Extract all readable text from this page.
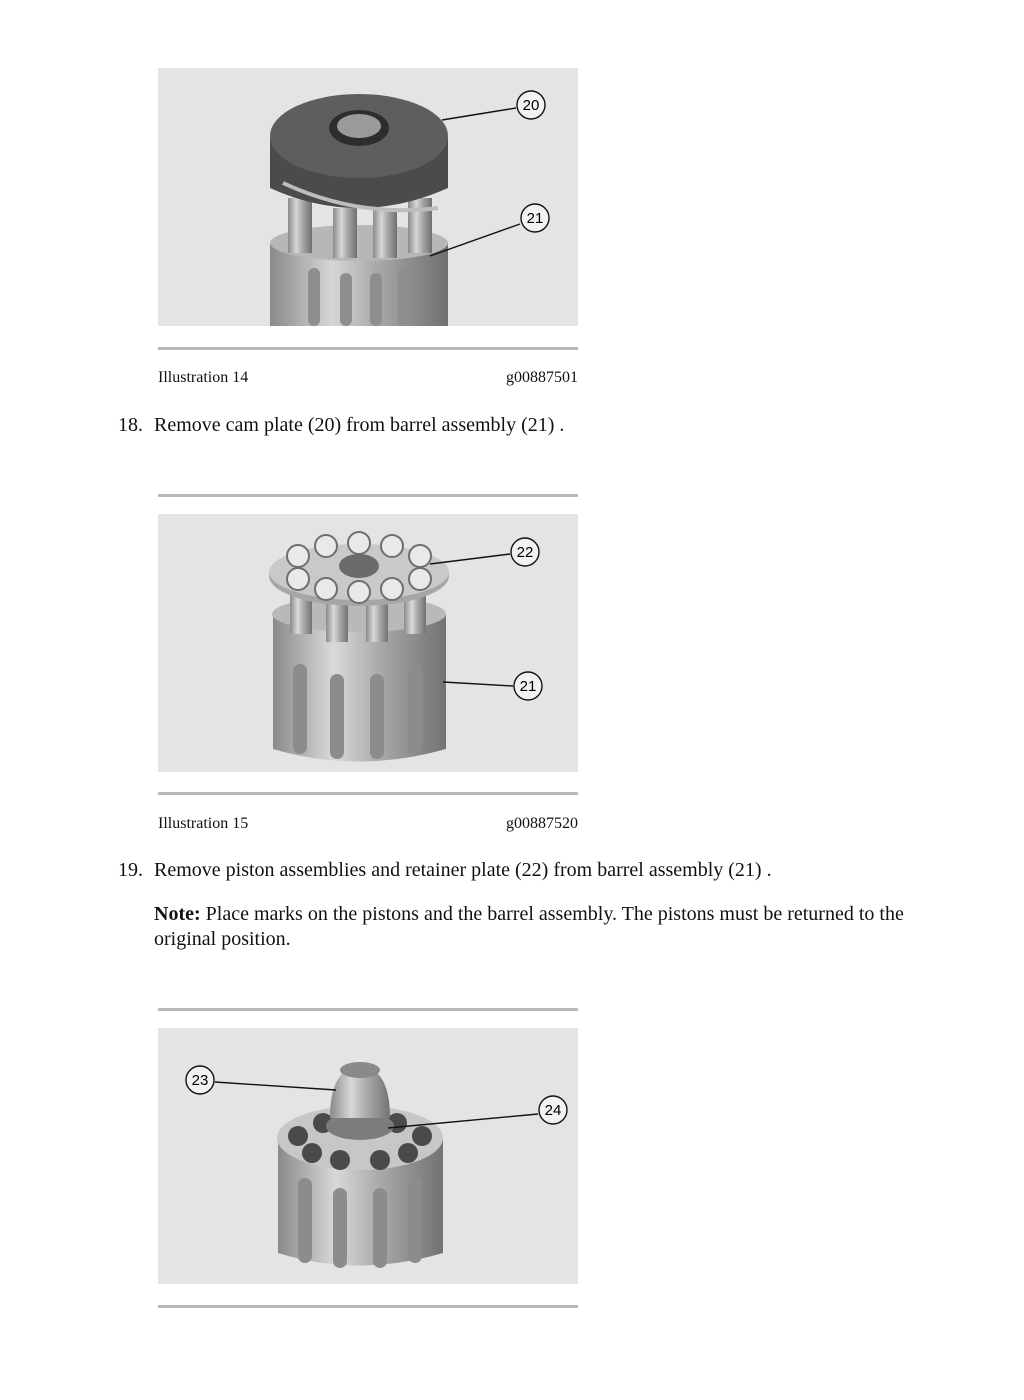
20
21
Illustration 14	g00887501
18. Remove cam plate (20) from barrel assembly (21) .
22
21
Illustration 15	g00887520
19. Remove piston assemblies and retainer plate (22) from barrel assembly (21) .
Note: Place marks on the pistons and the barrel assembly. The pistons must be returned to the original position.
23
24
